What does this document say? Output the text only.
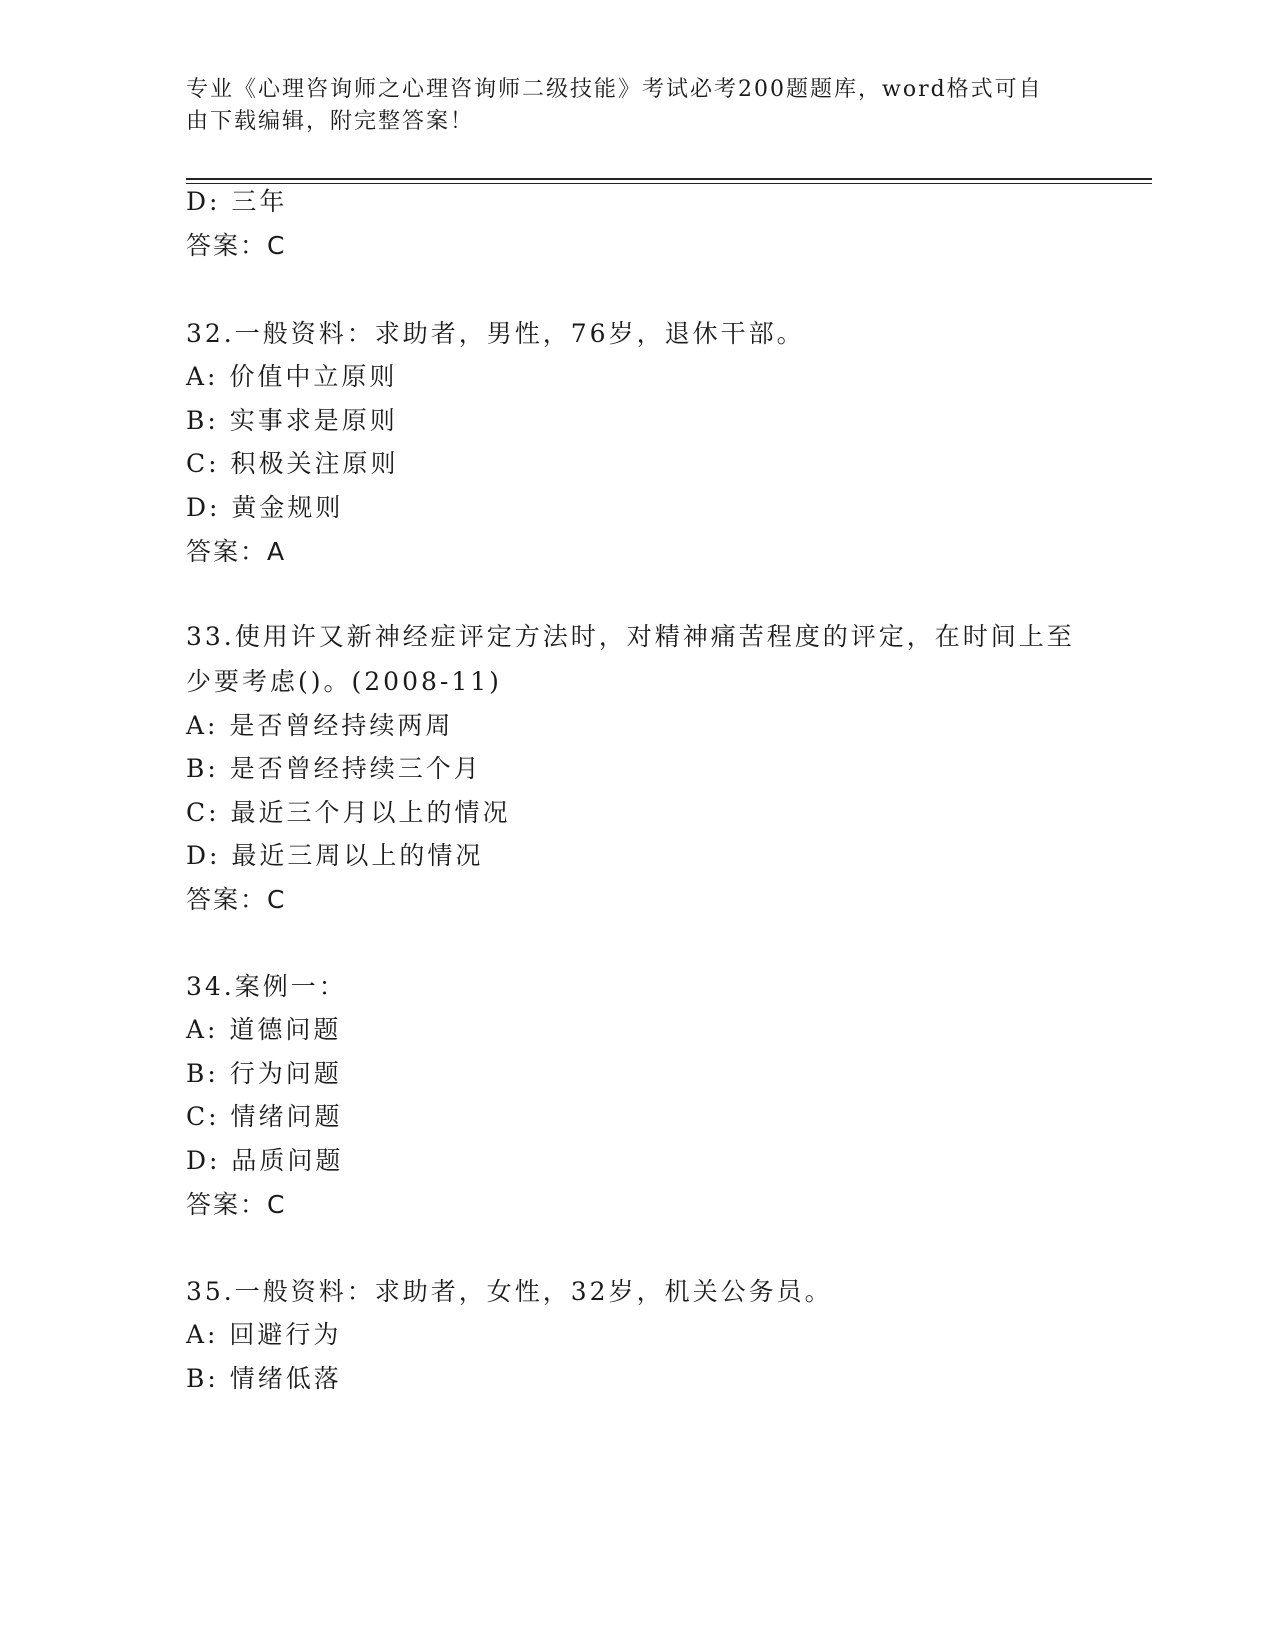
专业《心理咨询师之心理咨询师二级技能》考试必考200题题库，word格式可自由下载编辑，附完整答案！
D: 三年
答案：C
32.一般资料：求助者，男性，76岁，退休干部。
A: 价值中立原则
B: 实事求是原则
C: 积极关注原则
D: 黄金规则
答案：A
33.使用许又新神经症评定方法时，对精神痛苦程度的评定，在时间上至少要考虑()。(2008-11)
A: 是否曾经持续两周
B: 是否曾经持续三个月
C: 最近三个月以上的情况
D: 最近三周以上的情况
答案：C
34.案例一：
A: 道德问题
B: 行为问题
C: 情绪问题
D: 品质问题
答案：C
35.一般资料：求助者，女性，32岁，机关公务员。
A: 回避行为
B: 情绪低落
